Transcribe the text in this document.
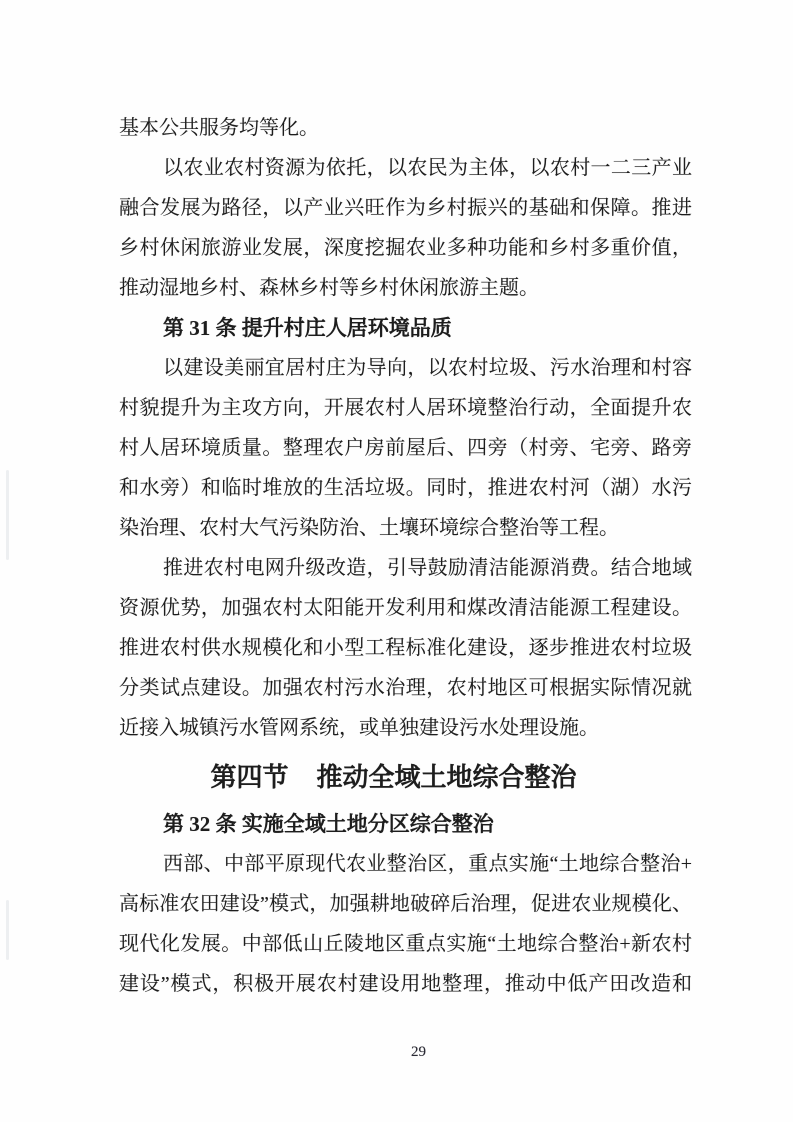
基本公共服务均等化。
以农业农村资源为依托，以农民为主体，以农村一二三产业
融合发展为路径，以产业兴旺作为乡村振兴的基础和保障。推进
乡村休闲旅游业发展，深度挖掘农业多种功能和乡村多重价值，
推动湿地乡村、森林乡村等乡村休闲旅游主题。
第 31 条 提升村庄人居环境品质
以建设美丽宜居村庄为导向，以农村垃圾、污水治理和村容
村貌提升为主攻方向，开展农村人居环境整治行动，全面提升农
村人居环境质量。整理农户房前屋后、四旁（村旁、宅旁、路旁
和水旁）和临时堆放的生活垃圾。同时，推进农村河（湖）水污
染治理、农村大气污染防治、土壤环境综合整治等工程。
推进农村电网升级改造，引导鼓励清洁能源消费。结合地域
资源优势，加强农村太阳能开发利用和煤改清洁能源工程建设。
推进农村供水规模化和小型工程标准化建设，逐步推进农村垃圾
分类试点建设。加强农村污水治理，农村地区可根据实际情况就
近接入城镇污水管网系统，或单独建设污水处理设施。
第四节 推动全域土地综合整治
第 32 条 实施全域土地分区综合整治
西部、中部平原现代农业整治区，重点实施“土地综合整治+
高标准农田建设”模式，加强耕地破碎后治理，促进农业规模化、
现代化发展。中部低山丘陵地区重点实施“土地综合整治+新农村
建设”模式，积极开展农村建设用地整理，推动中低产田改造和
29
